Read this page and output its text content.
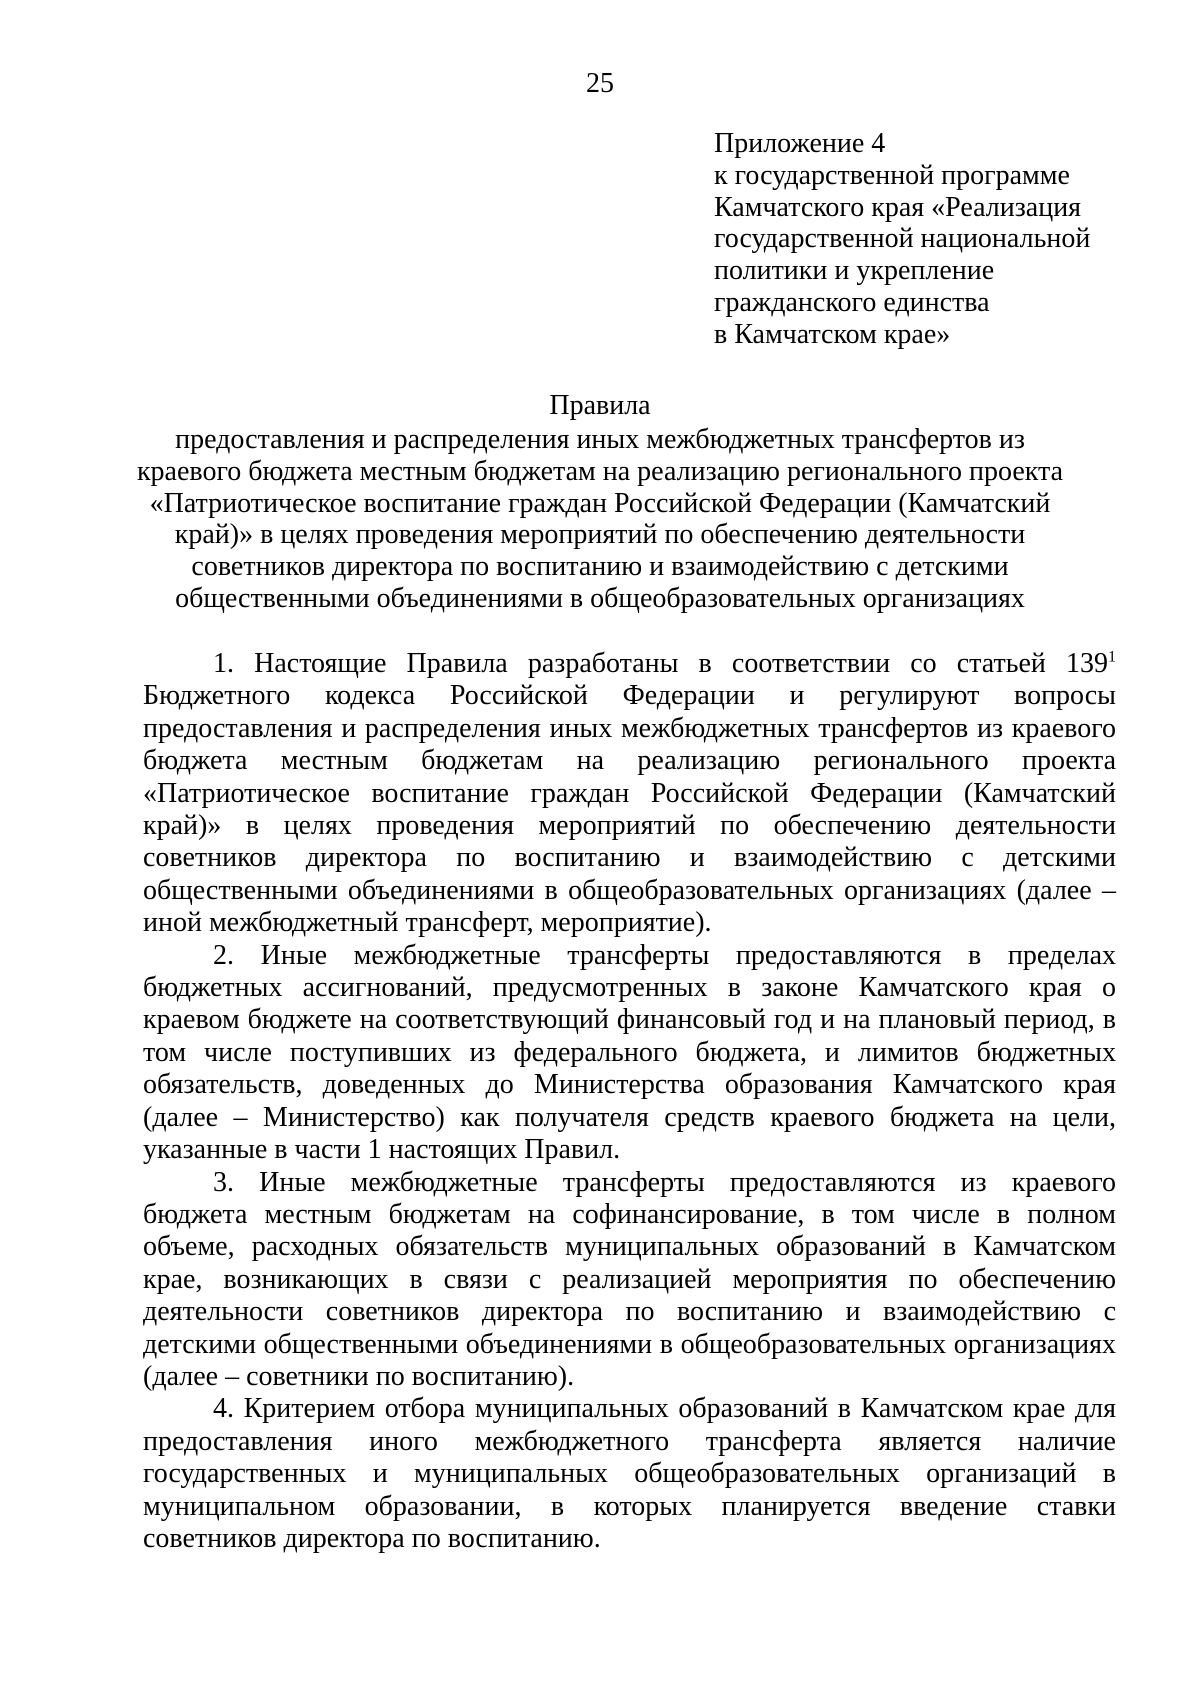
25
Приложение 4
к государственной программе
Камчатского края «Реализация
государственной национальной
политики и укрепление
гражданского единства
в Камчатском крае»
Правила
предоставления и распределения иных межбюджетных трансфертов из
краевого бюджета местным бюджетам на реализацию регионального проекта
«Патриотическое воспитание граждан Российской Федерации (Камчатский
край)» в целях проведения мероприятий по обеспечению деятельности
советников директора по воспитанию и взаимодействию с детскими
общественными объединениями в общеобразовательных организациях

1. Настоящие Правила разработаны в соответствии со статьей $139^1$ Бюджетного кодекса Российской Федерации и регулируют вопросы предоставления и распределения иных межбюджетных трансфертов из краевого бюджета местным бюджетам на реализацию регионального проекта «Патриотическое воспитание граждан Российской Федерации (Камчатский край)» в целях проведения мероприятий по обеспечению деятельности советников директора по воспитанию и взаимодействию с детскими общественными объединениями в общеобразовательных организациях (далее – иной межбюджетный трансферт, мероприятие).

2. Иные межбюджетные трансферты предоставляются в пределах бюджетных ассигнований, предусмотренных в законе Камчатского края о краевом бюджете на соответствующий финансовый год и на плановый период, в том числе поступивших из федерального бюджета, и лимитов бюджетных обязательств, доведенных до Министерства образования Камчатского края (далее – Министерство) как получателя средств краевого бюджета на цели, указанные в части 1 настоящих Правил.

3. Иные межбюджетные трансферты предоставляются из краевого бюджета местным бюджетам на софинансирование, в том числе в полном объеме, расходных обязательств муниципальных образований в Камчатском крае, возникающих в связи с реализацией мероприятия по обеспечению деятельности советников директора по воспитанию и взаимодействию с детскими общественными объединениями в общеобразовательных организациях (далее – советники по воспитанию).

4. Критерием отбора муниципальных образований в Камчатском крае для предоставления иного межбюджетного трансферта является наличие государственных и муниципальных общеобразовательных организаций в муниципальном образовании, в которых планируется введение ставки советников директора по воспитанию.
